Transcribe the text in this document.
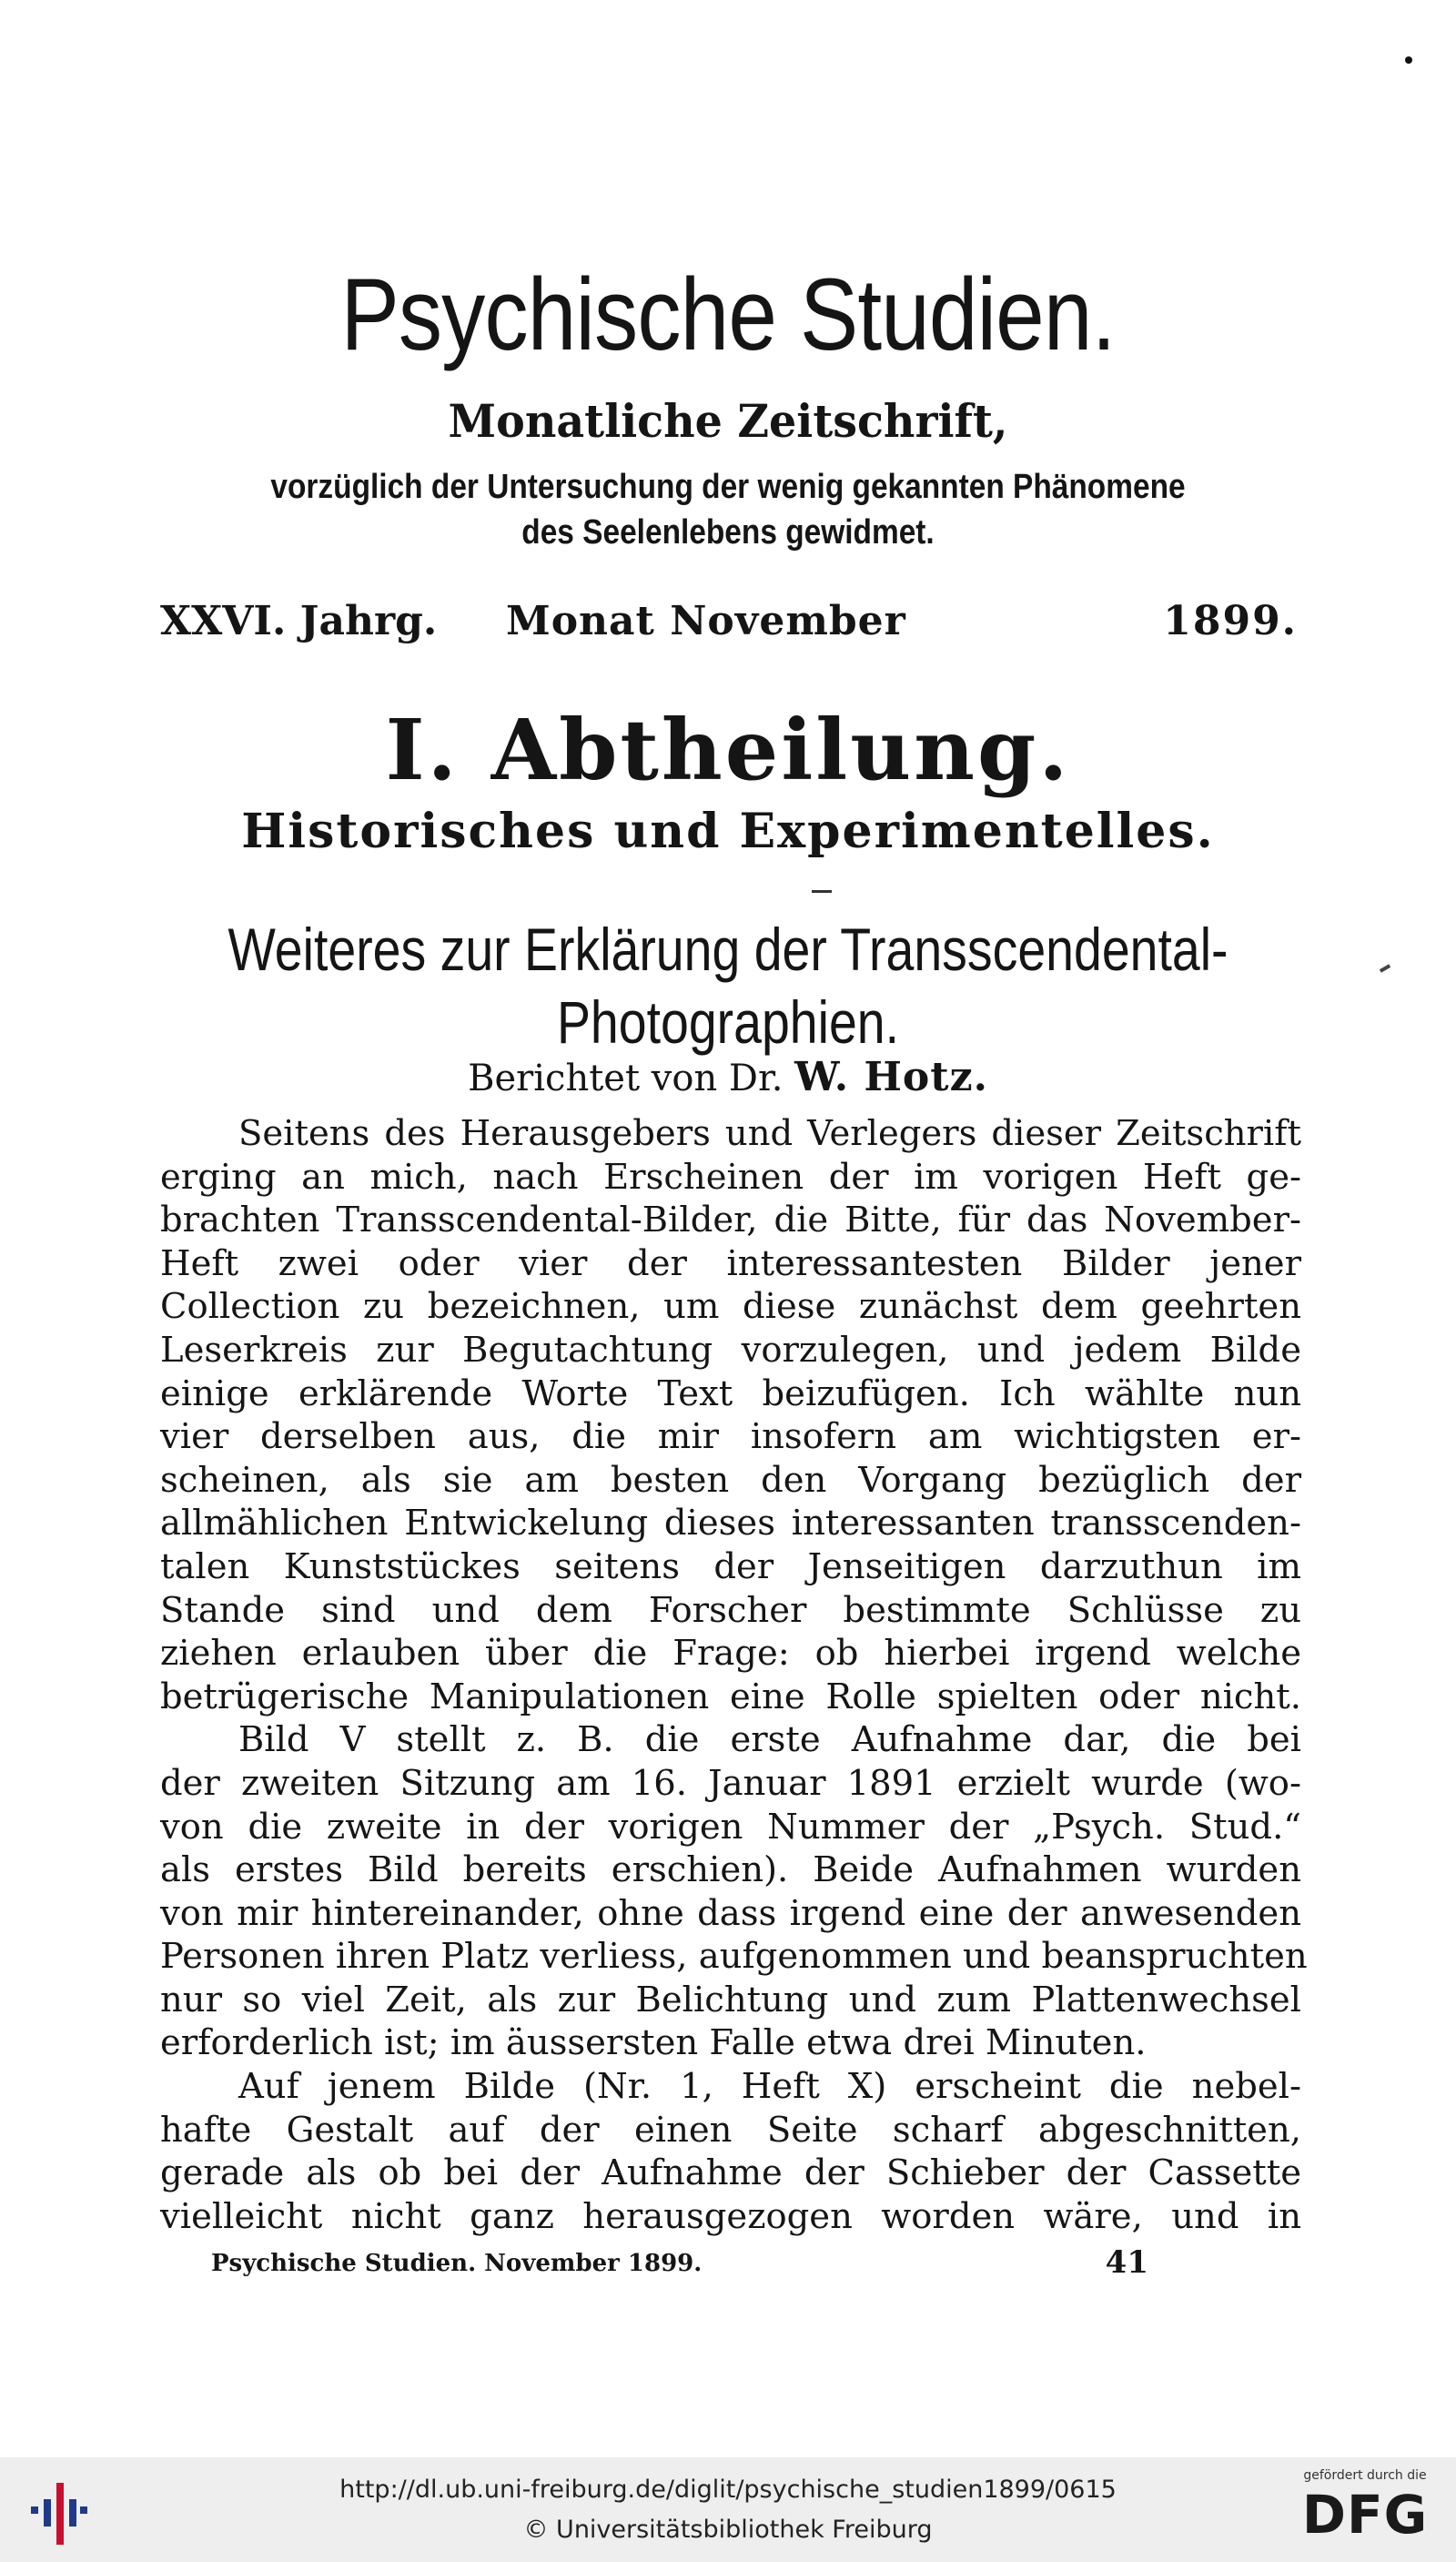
Psychische Studien.
Monatliche Zeitschrift,
vorzüglich der Untersuchung der wenig gekannten Phänomene
des Seelenlebens gewidmet.
XXVI. Jahrg. Monat November	1899.
I. Abtheilung.
Historisches und Experimentelles.
Weiteres zur Erklärung der Transscendental-
Photographien.
Berichtet von Dr. W. Hotz.
Seitens des Herausgebers und Verlegers dieser Zeitschrift
erging an mich, nach Erscheinen der im vorigen Heft ge-
brachten Transscendental-Bilder, die Bitte, für das November-
Heft zwei oder vier der interessantesten Bilder jener
Collection zu bezeichnen, um diese zunächst dem geehrten
Leserkreis zur Begutachtung vorzulegen, und jedem Bilde
einige erklärende Worte Text beizufügen. Ich wählte nun
vier derselben aus, die mir insofern am wichtigsten er-
scheinen, als sie am besten den Vorgang bezüglich der
allmählichen Entwickelung dieses interessanten transscenden-
talen Kunststückes seitens der Jenseitigen darzuthun im
Stande sind und dem Forscher bestimmte Schlüsse zu
ziehen erlauben über die Frage: ob hierbei irgend welche
betrügerische Manipulationen eine Rolle spielten oder nicht.
Bild V stellt z. B. die erste Aufnahme dar, die bei
der zweiten Sitzung am 16. Januar 1891 erzielt wurde (wo-
von die zweite in der vorigen Nummer der „Psych. Stud.“
als erstes Bild bereits erschien). Beide Aufnahmen wurden
von mir hintereinander, ohne dass irgend eine der anwesenden
Personen ihren Platz verliess, aufgenommen und beanspruchten
nur so viel Zeit, als zur Belichtung und zum Plattenwechsel
erforderlich ist; im äussersten Falle etwa drei Minuten.
Auf jenem Bilde (Nr. 1, Heft X) erscheint die nebel-
hafte Gestalt auf der einen Seite scharf abgeschnitten,
gerade als ob bei der Aufnahme der Schieber der Cassette
vielleicht nicht ganz herausgezogen worden wäre, und in
Psychische Studien. November 1899.	41
http://dl.ub.uni-freiburg.de/diglit/psychische_studien1899/0615
© Universitätsbibliothek Freiburg
gefördert durch die
DFG
